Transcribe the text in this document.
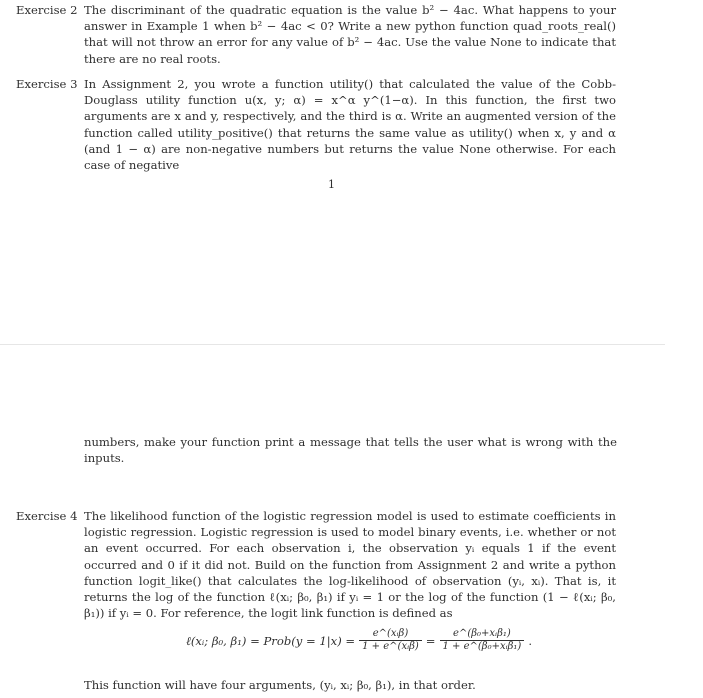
Exercise 2 The discriminant of the quadratic equation is the value b² − 4ac. What happens to your answer in Example 1 when b² − 4ac < 0? Write a new python function quad_roots_real() that will not throw an error for any value of b² − 4ac. Use the value None to indicate that there are no real roots.

Exercise 3 In Assignment 2, you wrote a function utility() that calculated the value of the Cobb-Douglass utility function u(x, y; α) = x^α y^(1−α). In this function, the first two arguments are x and y, respectively, and the third is α. Write an augmented version of the function called utility_positive() that returns the same value as utility() when x, y and α (and 1 − α) are non-negative numbers but returns the value None otherwise. For each case of negative

1

numbers, make your function print a message that tells the user what is wrong with the inputs.

Exercise 4 The likelihood function of the logistic regression model is used to estimate coefficients in logistic regression. Logistic regression is used to model binary events, i.e. whether or not an event occurred. For each observation i, the observation yᵢ equals 1 if the event occurred and 0 if it did not. Build on the function from Assignment 2 and write a python function logit_like() that calculates the log-likelihood of observation (yᵢ, xᵢ). That is, it returns the log of the function ℓ(xᵢ; β₀, β₁) if yᵢ = 1 or the log of the function (1 − ℓ(xᵢ; β₀, β₁)) if yᵢ = 0. For reference, the logit link function is defined as

ℓ(xᵢ; β₀, β₁) = Prob(y = $1|x) = \frac{\text{e\textasciicircum{}(xᵢβ)}}{\text{1 + e\textasciicircum{}(xᵢβ)}} = \frac{\text{e\textasciicircum{}(β₀+xᵢβ₁)}}{\text{1 + e\textasciicircum{}(β₀+xᵢβ₁)}}$ .
This function will have four arguments, (yᵢ, xᵢ; β₀, β₁), in that order.
